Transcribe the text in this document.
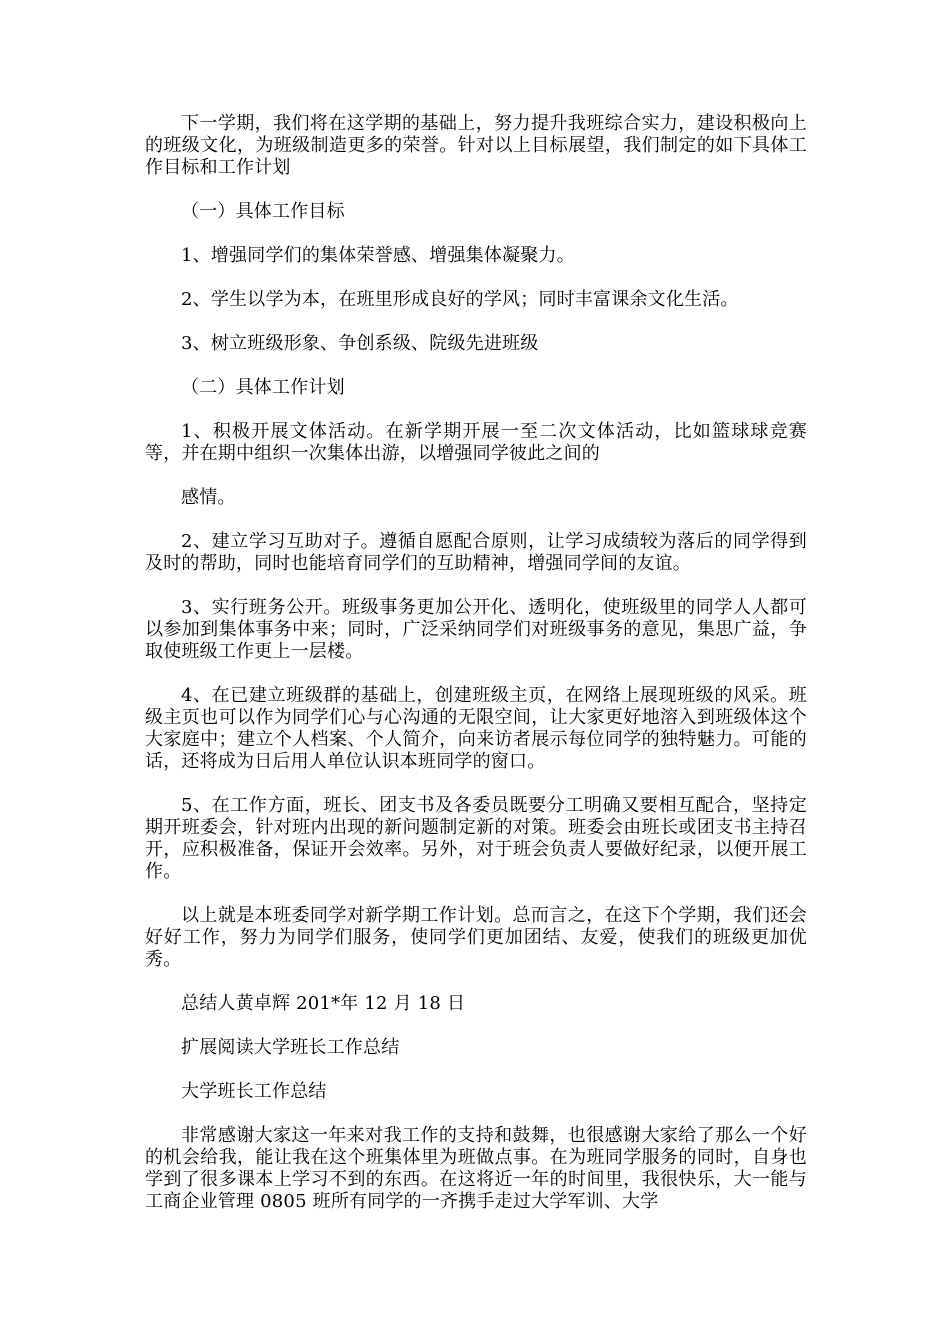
下一学期，我们将在这学期的基础上，努力提升我班综合实力，建设积极向上的班级文化，为班级制造更多的荣誉。针对以上目标展望，我们制定的如下具体工作目标和工作计划

（一）具体工作目标

1、增强同学们的集体荣誉感、增强集体凝聚力。

2、学生以学为本，在班里形成良好的学风；同时丰富课余文化生活。

3、树立班级形象、争创系级、院级先进班级

（二）具体工作计划

1、积极开展文体活动。在新学期开展一至二次文体活动，比如篮球球竞赛等，并在期中组织一次集体出游，以增强同学彼此之间的

感情。

2、建立学习互助对子。遵循自愿配合原则，让学习成绩较为落后的同学得到及时的帮助，同时也能培育同学们的互助精神，增强同学间的友谊。

3、实行班务公开。班级事务更加公开化、透明化，使班级里的同学人人都可以参加到集体事务中来；同时，广泛采纳同学们对班级事务的意见，集思广益，争取使班级工作更上一层楼。

4、在已建立班级群的基础上，创建班级主页，在网络上展现班级的风采。班级主页也可以作为同学们心与心沟通的无限空间，让大家更好地溶入到班级体这个大家庭中；建立个人档案、个人简介，向来访者展示每位同学的独特魅力。可能的话，还将成为日后用人单位认识本班同学的窗口。

5、在工作方面，班长、团支书及各委员既要分工明确又要相互配合，坚持定期开班委会，针对班内出现的新问题制定新的对策。班委会由班长或团支书主持召开，应积极准备，保证开会效率。另外，对于班会负责人要做好纪录，以便开展工作。

以上就是本班委同学对新学期工作计划。总而言之，在这下个学期，我们还会好好工作，努力为同学们服务，使同学们更加团结、友爱，使我们的班级更加优秀。

总结人黄卓辉 201*年 12 月 18 日

扩展阅读大学班长工作总结

大学班长工作总结

非常感谢大家这一年来对我工作的支持和鼓舞，也很感谢大家给了那么一个好的机会给我，能让我在这个班集体里为班做点事。在为班同学服务的同时，自身也学到了很多课本上学习不到的东西。在这将近一年的时间里，我很快乐，大一能与工商企业管理 0805 班所有同学的一齐携手走过大学军训、大学
